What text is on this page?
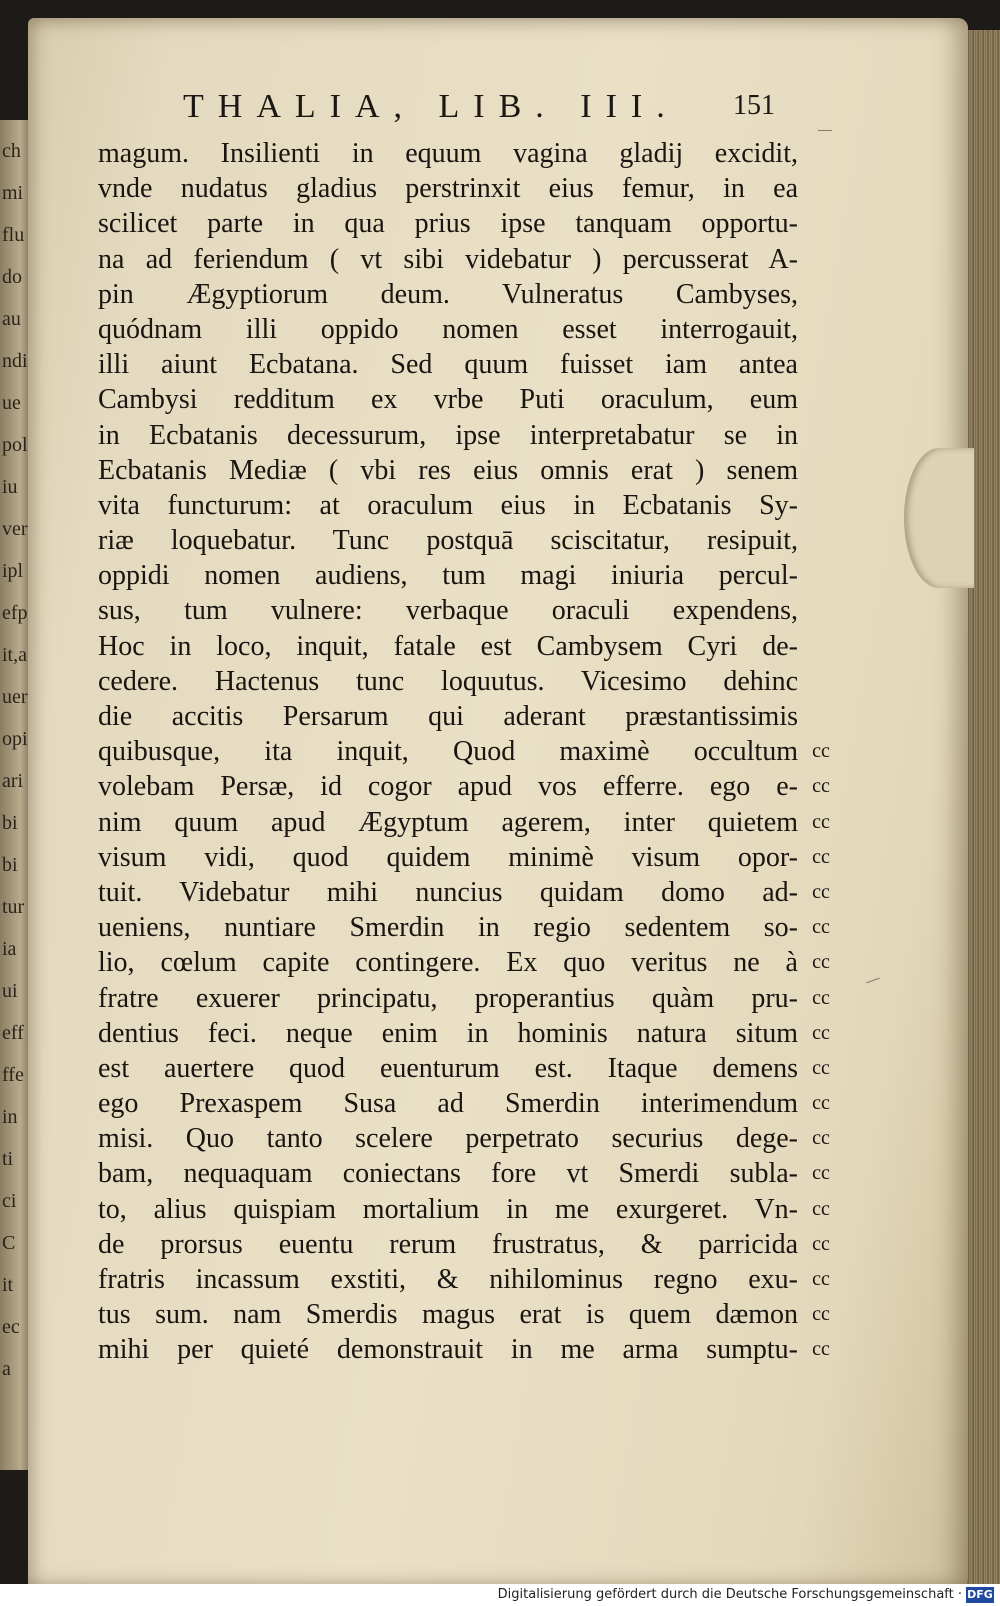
ch
mi
flu
do
au
ndi
ue
pol
iu
ver
ipl
efp
it,a
uer
opi
ari
bi
bi
tur
ia
ui
eff
ffe
in
ti
ci
C
it
ec
a
THALIA, LIB. III. 151
magum. Insilienti in equum vagina gladij excidit,
vnde nudatus gladius perstrinxit eius femur, in ea
scilicet parte in qua prius ipse tanquam opportu-
na ad feriendum ( vt sibi videbatur ) percusserat A-
pin Ægyptiorum deum. Vulneratus Cambyses,
quódnam illi oppido nomen esset interrogauit,
illi aiunt Ecbatana. Sed quum fuisset iam antea
Cambysi redditum ex vrbe Puti oraculum, eum
in Ecbatanis decessurum, ipse interpretabatur se in
Ecbatanis Mediæ ( vbi res eius omnis erat ) senem
vita functurum: at oraculum eius in Ecbatanis Sy-
riæ loquebatur. Tunc postquā sciscitatur, resipuit,
oppidi nomen audiens, tum magi iniuria percul-
sus, tum vulnere: verbaque oraculi expendens,
Hoc in loco, inquit, fatale est Cambysem Cyri de-
cedere. Hactenus tunc loquutus. Vicesimo dehinc
die accitis Persarum qui aderant præstantissimis
quibusque, ita inquit, Quod maximè occultum
volebam Persæ, id cogor apud vos efferre. ego e-
nim quum apud Ægyptum agerem, inter quietem
visum vidi, quod quidem minimè visum opor-
tuit. Videbatur mihi nuncius quidam domo ad-
ueniens, nuntiare Smerdin in regio sedentem so-
lio, cœlum capite contingere. Ex quo veritus ne à
fratre exuerer principatu, properantius quàm pru-
dentius feci. neque enim in hominis natura situm
est auertere quod euenturum est. Itaque demens
ego Prexaspem Susa ad Smerdin interimendum
misi. Quo tanto scelere perpetrato securius dege-
bam, nequaquam coniectans fore vt Smerdi subla-
to, alius quispiam mortalium in me exurgeret. Vn-
de prorsus euentu rerum frustratus, & parricida
fratris incassum exstiti, & nihilominus regno exu-
tus sum. nam Smerdis magus erat is quem dæmon
mihi per quieté demonstrauit in me arma sumptu-
cc
cc
cc
cc
cc
cc
cc
cc
cc
cc
cc
cc
cc
cc
cc
cc
cc
cc
Digitalisierung gefördert durch die Deutsche Forschungsgemeinschaft · DFG
